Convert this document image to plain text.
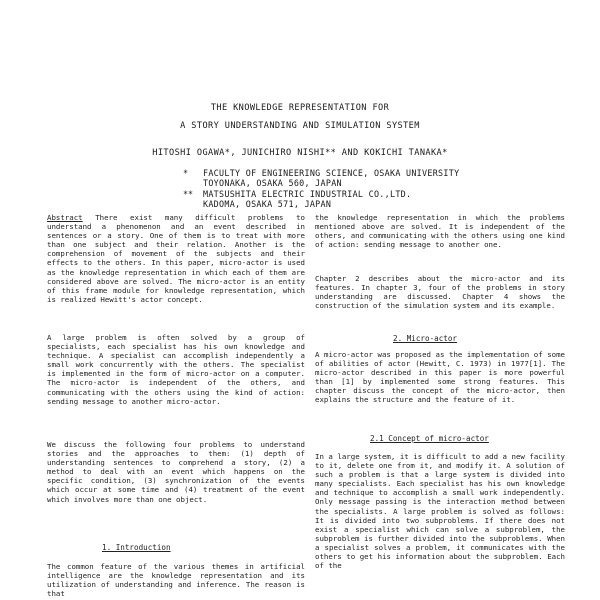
THE KNOWLEDGE REPRESENTATION FOR
A STORY UNDERSTANDING AND SIMULATION SYSTEM
HITOSHI OGAWA*, JUNICHIRO NISHI** AND KOKICHI TANAKA*
* FACULTY OF ENGINEERING SCIENCE, OSAKA UNIVERSITY
TOYONAKA, OSAKA 560, JAPAN
** MATSUSHITA ELECTRIC INDUSTRIAL CO.,LTD.
KADOMA, OSAKA 571, JAPAN

Abstract There exist many difficult problems to understand a phenomenon and an event described in sentences or a story. One of them is to treat with more than one subject and their relation. Another is the comprehension of movement of the subjects and their effects to the others. In this paper, micro-actor is used as the knowledge representation in which each of them are considered above are solved. The micro-actor is an entity of this frame module for knowledge representation, which is realized Hewitt's actor concept.

A large problem is often solved by a group of specialists, each specialist has his own knowledge and technique. A specialist can accomplish independently a small work concurrently with the others. The specialist is implemented in the form of micro-actor on a computer. The micro-actor is independent of the others, and communicating with the others using the kind of action: sending message to another micro-actor.

We discuss the following four problems to understand stories and the approaches to them: (1) depth of understanding sentences to comprehend a story, (2) a method to deal with an event which happens on the specific condition, (3) synchronization of the events which occur at some time and (4) treatment of the event which involves more than one object.

1. Introduction

The common feature of the various themes in artificial intelligence are the knowledge representation and its utilization of understanding and inference. The reason is that

the knowledge representation in which the problems mentioned above are solved. It is independent of the others, and communicating with the others using one kind of action: sending message to another one.

Chapter 2 describes about the micro-actor and its features. In chapter 3, four of the problems in story understanding are discussed. Chapter 4 shows the construction of the simulation system and its example.

2. Micro-actor

A micro-actor was proposed as the implementation of some of abilities of actor (Hewitt, C. 1973) in 1977[1]. The micro-actor described in this paper is more powerful than [1] by implemented some strong features. This chapter discuss the concept of the micro-actor, then explains the structure and the feature of it.

2.1 Concept of micro-actor

In a large system, it is difficult to add a new facility to it, delete one from it, and modify it. A solution of such a problem is that a large system is divided into many specialists. Each specialist has his own knowledge and technique to accomplish a small work independently. Only message passing is the interaction method between the specialists. A large problem is solved as follows: It is divided into two subproblems. If there does not exist a specialist which can solve a subproblem, the subproblem is further divided into the subproblems. When a specialist solves a problem, it communicates with the others to get his information about the subproblem. Each of the
